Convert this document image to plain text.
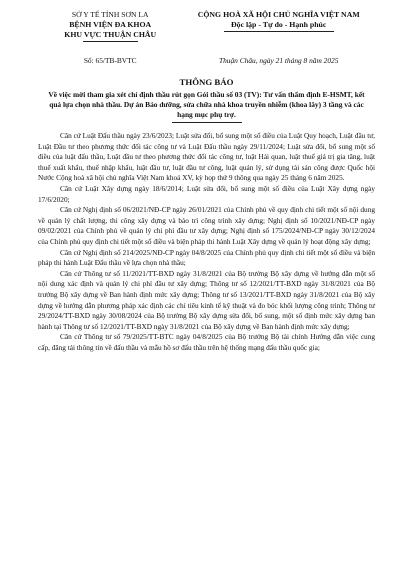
SỞ Y TẾ TỈNH SƠN LA
BỆNH VIỆN ĐA KHOA
KHU VỰC THUẬN CHÂU
CỘNG HOÀ XÃ HỘI CHỦ NGHĨA VIỆT NAM
Độc lập - Tự do - Hạnh phúc
Số: 65/TB-BVTC	Thuận Châu, ngày 21 tháng 8 năm 2025
THÔNG BÁO
Về việc mời tham gia xét chỉ định thầu rút gọn Gói thầu số 03 (TV): Tư vấn thẩm định E-HSMT, kết quả lựa chọn nhà thầu. Dự án Bảo dưỡng, sửa chữa nhà khoa truyền nhiễm (khoa lây) 3 tầng và các hạng mục phụ trợ.

Căn cứ Luật Đấu thầu ngày 23/6/2023; Luật sửa đổi, bổ sung một số điều của Luật Quy hoạch, Luật đầu tư, Luật Đầu tư theo phương thức đối tác công tư và Luật Đấu thầu ngày 29/11/2024; Luật sửa đổi, bổ sung một số điều của luật đấu thầu, Luật đầu tư theo phương thức đối tác công tư, luật Hải quan, luật thuế giá trị gia tăng, luật thuế xuất khẩu, thuế nhập khẩu, luật đầu tư, luật đầu tư công, luật quản lý, sử dụng tài sản công được Quốc hội Nước Cộng hoà xã hội chủ nghĩa Việt Nam khoá XV, kỳ họp thứ 9 thông qua ngày 25 tháng 6 năm 2025.

Căn cứ Luật Xây dựng ngày 18/6/2014; Luật sửa đổi, bổ sung một số điều của Luật Xây dựng ngày 17/6/2020;

Căn cứ Nghị định số 06/2021/NĐ-CP ngày 26/01/2021 của Chính phủ về quy định chi tiết một số nội dung về quản lý chất lượng, thi công xây dựng và bảo trì công trình xây dựng; Nghị định số 10/2021/NĐ-CP ngày 09/02/2021 của Chính phủ về quản lý chi phí đầu tư xây dựng; Nghị định số 175/2024/NĐ-CP ngày 30/12/2024 của Chính phủ quy định chi tiết một số điều và biện pháp thi hành Luật Xây dựng về quản lý hoạt động xây dựng;

Căn cứ Nghị định số 214/2025/NĐ-CP ngày 04/8/2025 của Chính phủ quy định chi tiết một số điều và biện pháp thi hành Luật Đấu thầu về lựa chọn nhà thầu;

Căn cứ Thông tư số 11/2021/TT-BXD ngày 31/8/2021 của Bộ trưởng Bộ xây dựng về hướng dẫn một số nội dung xác định và quản lý chi phí đầu tư xây dựng; Thông tư số 12/2021/TT-BXD ngày 31/8/2021 của Bộ trưởng Bộ xây dựng về Ban hành định mức xây dựng; Thông tư số 13/2021/TT-BXD ngày 31/8/2021 của Bộ xây dựng về hướng dẫn phương pháp xác định các chỉ tiêu kinh tế kỹ thuật và đo bóc khối lượng công trình; Thông tư 29/2024/TT-BXD ngày 30/08/2024 của Bộ trưởng Bộ xây dựng sửa đổi, bổ sung, một số định mức xây dựng ban hành tại Thông tư số 12/2021/TT-BXD ngày 31/8/2021 của Bộ xây dựng về Ban hành định mức xây dựng;

Căn cứ Thông tư số 79/2025/TT-BTC ngày 04/8/2025 của Bộ trưởng Bộ tài chính Hướng dẫn việc cung cấp, đăng tải thông tin về đấu thầu và mẫu hồ sơ đấu thầu trên hệ thống mạng đấu thầu quốc gia;
